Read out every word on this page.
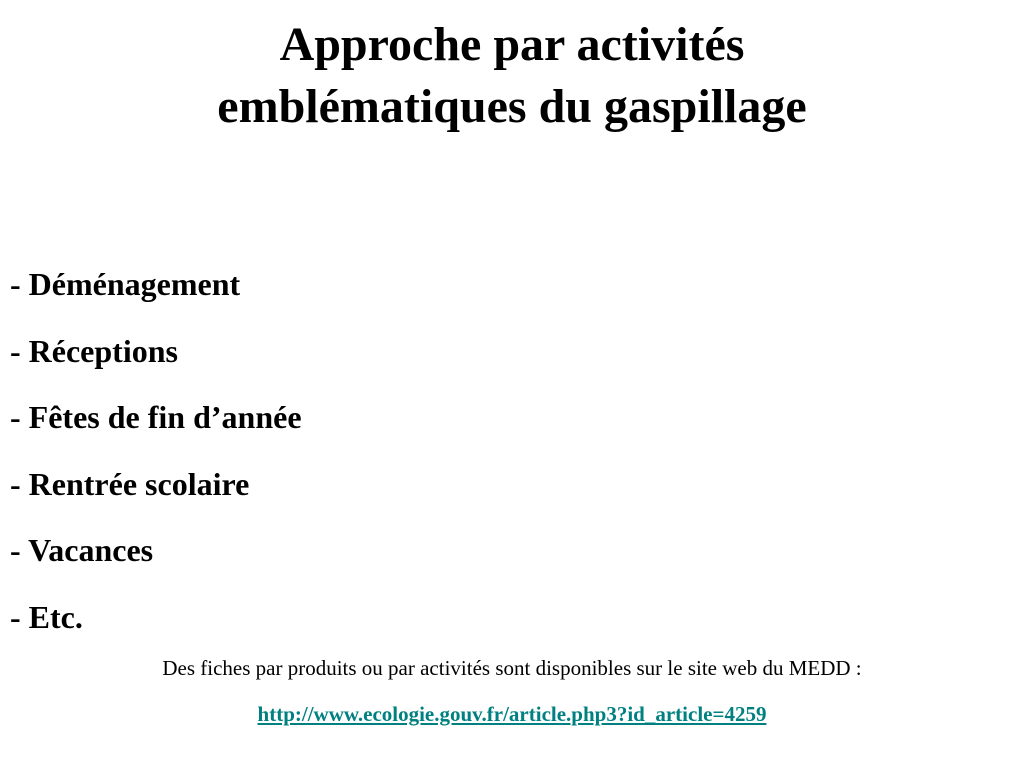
Approche par activités
emblématiques du gaspillage
- Déménagement
- Réceptions
- Fêtes de fin d’année
- Rentrée scolaire
- Vacances
- Etc.
Des fiches par produits ou par activités sont disponibles sur le site web du MEDD :
http://www.ecologie.gouv.fr/article.php3?id_article=4259
